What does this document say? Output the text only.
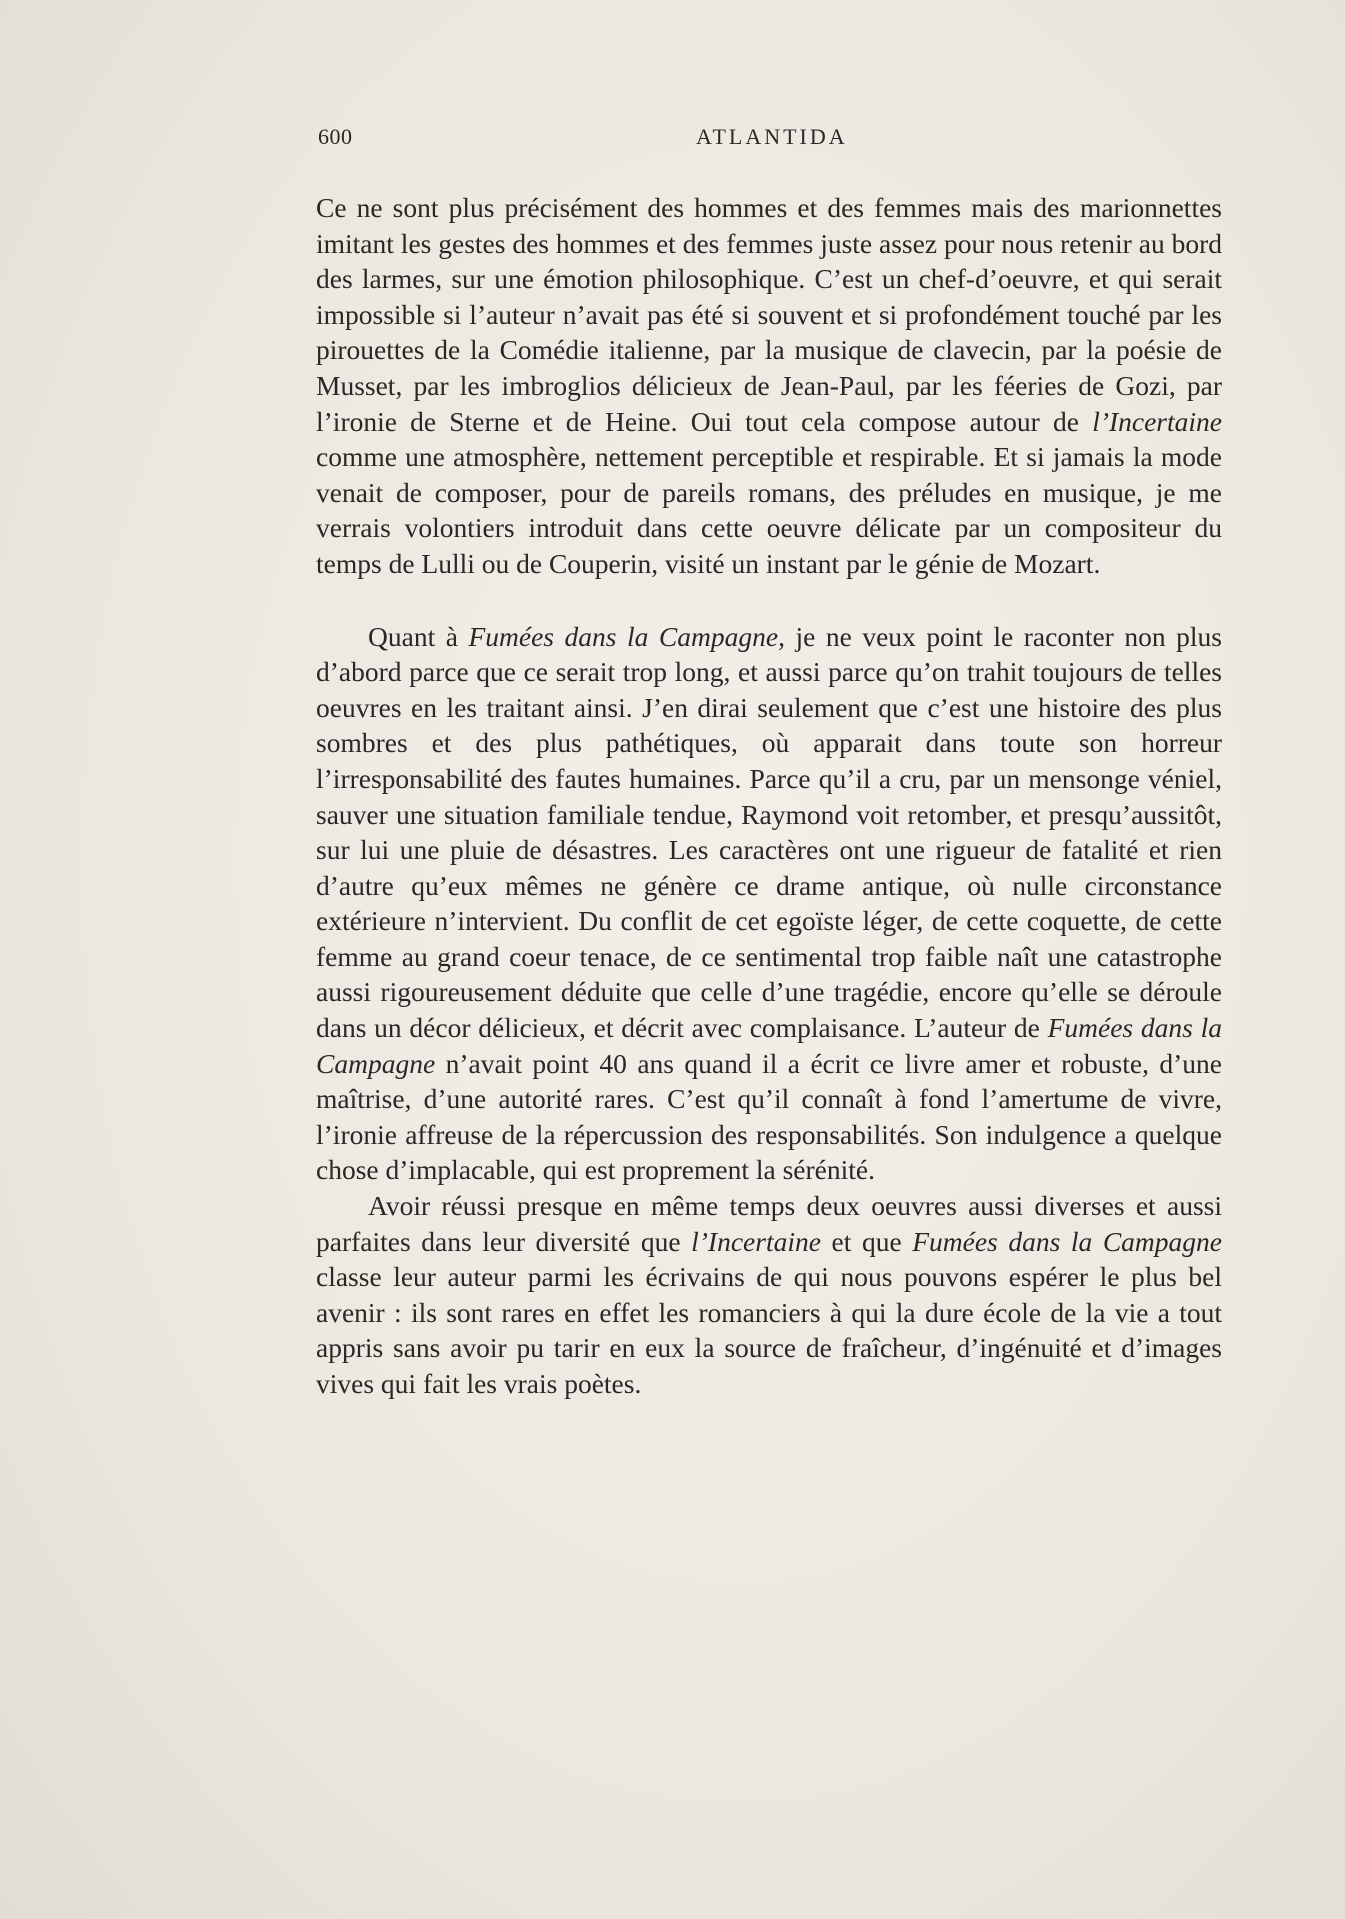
600	ATLANTIDA

Ce ne sont plus précisément des hommes et des femmes mais des marionnettes imitant les gestes des hommes et des femmes juste assez pour nous retenir au bord des larmes, sur une émotion philosophique. C’est un chef-d’oeuvre, et qui serait impossible si l’auteur n’avait pas été si souvent et si profondément touché par les pirouettes de la Comédie italienne, par la musique de clavecin, par la poésie de Musset, par les imbroglios délicieux de Jean-Paul, par les féeries de Gozi, par l’ironie de Sterne et de Heine. Oui tout cela compose autour de l’Incertaine comme une atmosphère, nettement perceptible et respirable. Et si jamais la mode venait de composer, pour de pareils romans, des préludes en musique, je me verrais volontiers introduit dans cette oeuvre délicate par un compositeur du temps de Lulli ou de Couperin, visité un instant par le génie de Mozart.

Quant à Fumées dans la Campagne, je ne veux point le raconter non plus d’abord parce que ce serait trop long, et aussi parce qu’on trahit toujours de telles oeuvres en les traitant ainsi. J’en dirai seulement que c’est une histoire des plus sombres et des plus pathétiques, où apparait dans toute son horreur l’irresponsabilité des fautes humaines. Parce qu’il a cru, par un mensonge véniel, sauver une situation familiale tendue, Raymond voit retomber, et presqu’aussitôt, sur lui une pluie de désastres. Les caractères ont une rigueur de fatalité et rien d’autre qu’eux mêmes ne génère ce drame antique, où nulle circonstance extérieure n’intervient. Du conflit de cet egoïste léger, de cette coquette, de cette femme au grand coeur tenace, de ce sentimental trop faible naît une catastrophe aussi rigoureusement déduite que celle d’une tragédie, encore qu’elle se déroule dans un décor délicieux, et décrit avec complaisance. L’auteur de Fumées dans la Campagne n’avait point 40 ans quand il a écrit ce livre amer et robuste, d’une maîtrise, d’une autorité rares. C’est qu’il connaît à fond l’amertume de vivre, l’ironie affreuse de la répercussion des responsabilités. Son indulgence a quelque chose d’implacable, qui est proprement la sérénité.

Avoir réussi presque en même temps deux oeuvres aussi diverses et aussi parfaites dans leur diversité que l’Incertaine et que Fumées dans la Campagne classe leur auteur parmi les écrivains de qui nous pouvons espérer le plus bel avenir : ils sont rares en effet les romanciers à qui la dure école de la vie a tout appris sans avoir pu tarir en eux la source de fraîcheur, d’ingénuité et d’images vives qui fait les vrais poètes.
